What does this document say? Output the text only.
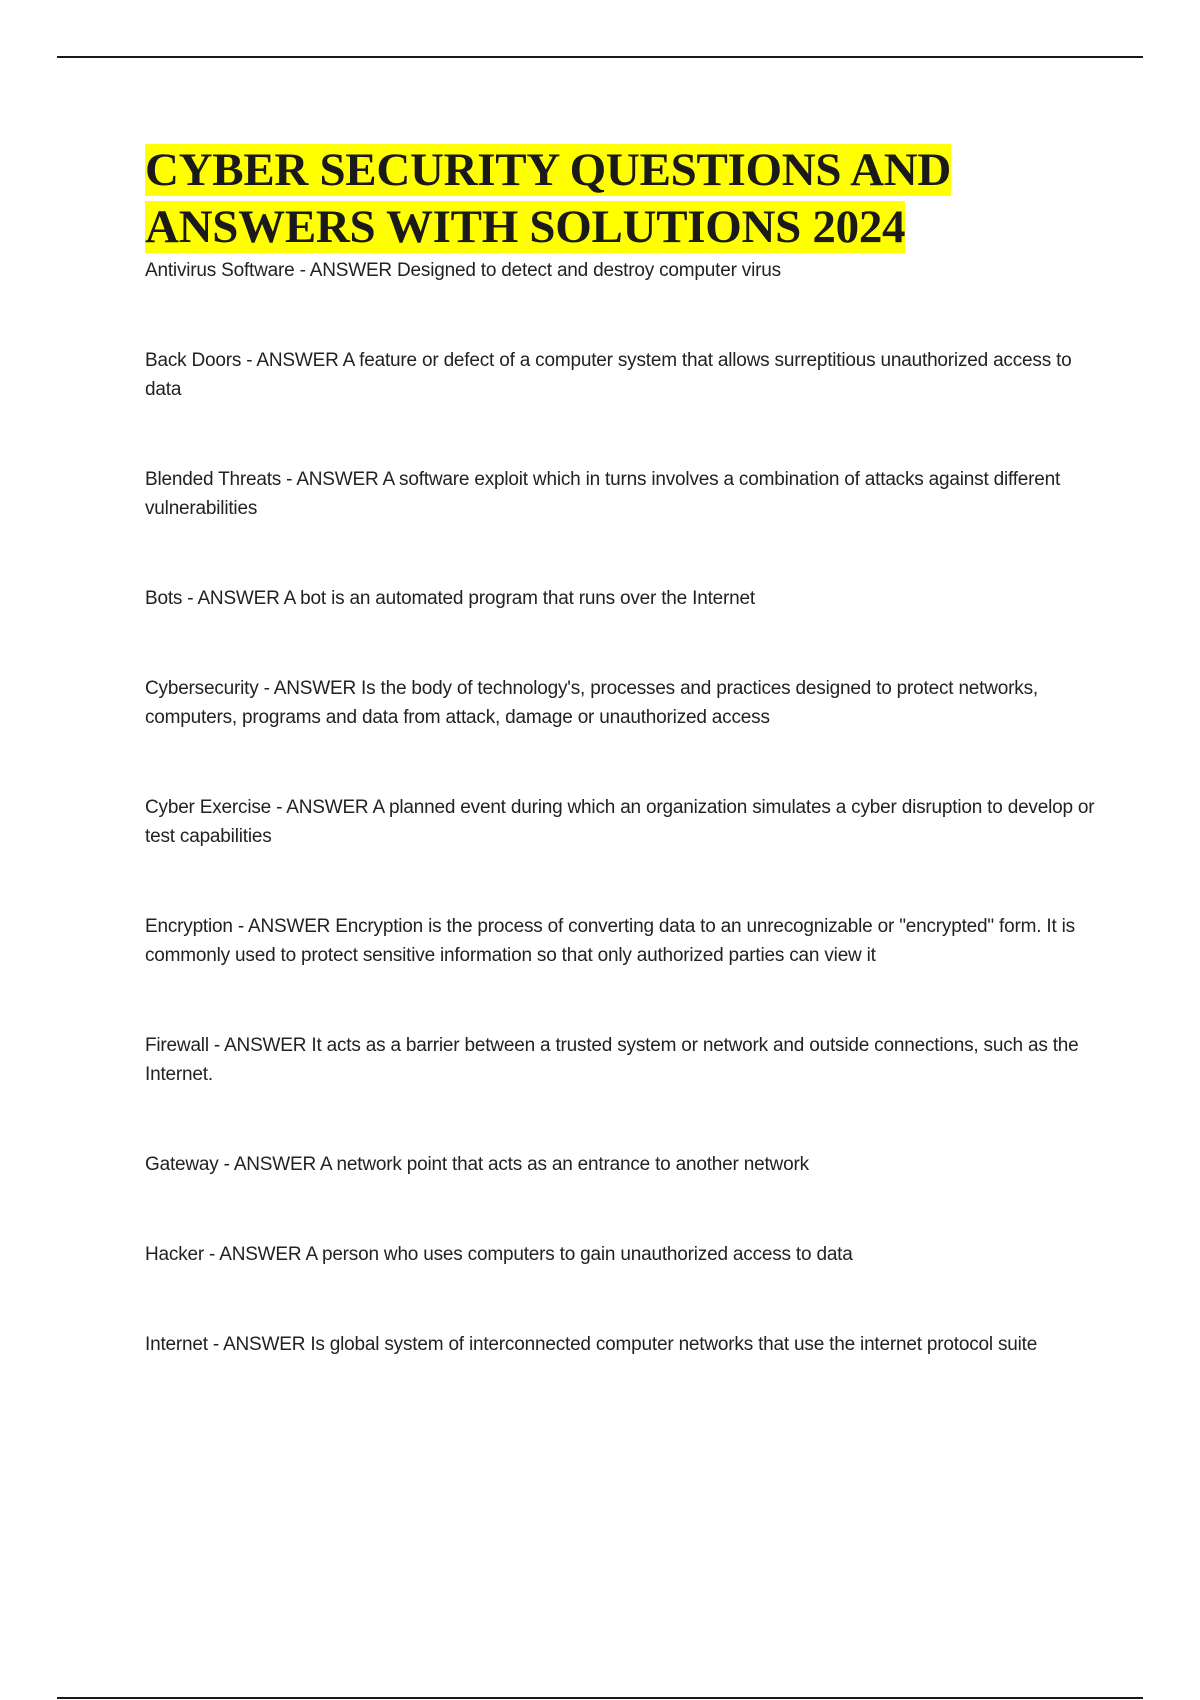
CYBER SECURITY QUESTIONS AND ANSWERS WITH SOLUTIONS 2024
Antivirus Software - ANSWER Designed to detect and destroy computer virus
Back Doors - ANSWER A feature or defect of a computer system that allows surreptitious unauthorized access to data
Blended Threats - ANSWER A software exploit which in turns involves a combination of attacks against different vulnerabilities
Bots - ANSWER A bot is an automated program that runs over the Internet
Cybersecurity - ANSWER Is the body of technology's, processes and practices designed to protect networks, computers, programs and data from attack, damage or unauthorized access
Cyber Exercise - ANSWER A planned event during which an organization simulates a cyber disruption to develop or test capabilities
Encryption - ANSWER Encryption is the process of converting data to an unrecognizable or "encrypted" form. It is commonly used to protect sensitive information so that only authorized parties can view it
Firewall - ANSWER It acts as a barrier between a trusted system or network and outside connections, such as the Internet.
Gateway - ANSWER A network point that acts as an entrance to another network
Hacker - ANSWER A person who uses computers to gain unauthorized access to data
Internet - ANSWER Is global system of interconnected computer networks that use the internet protocol suite
